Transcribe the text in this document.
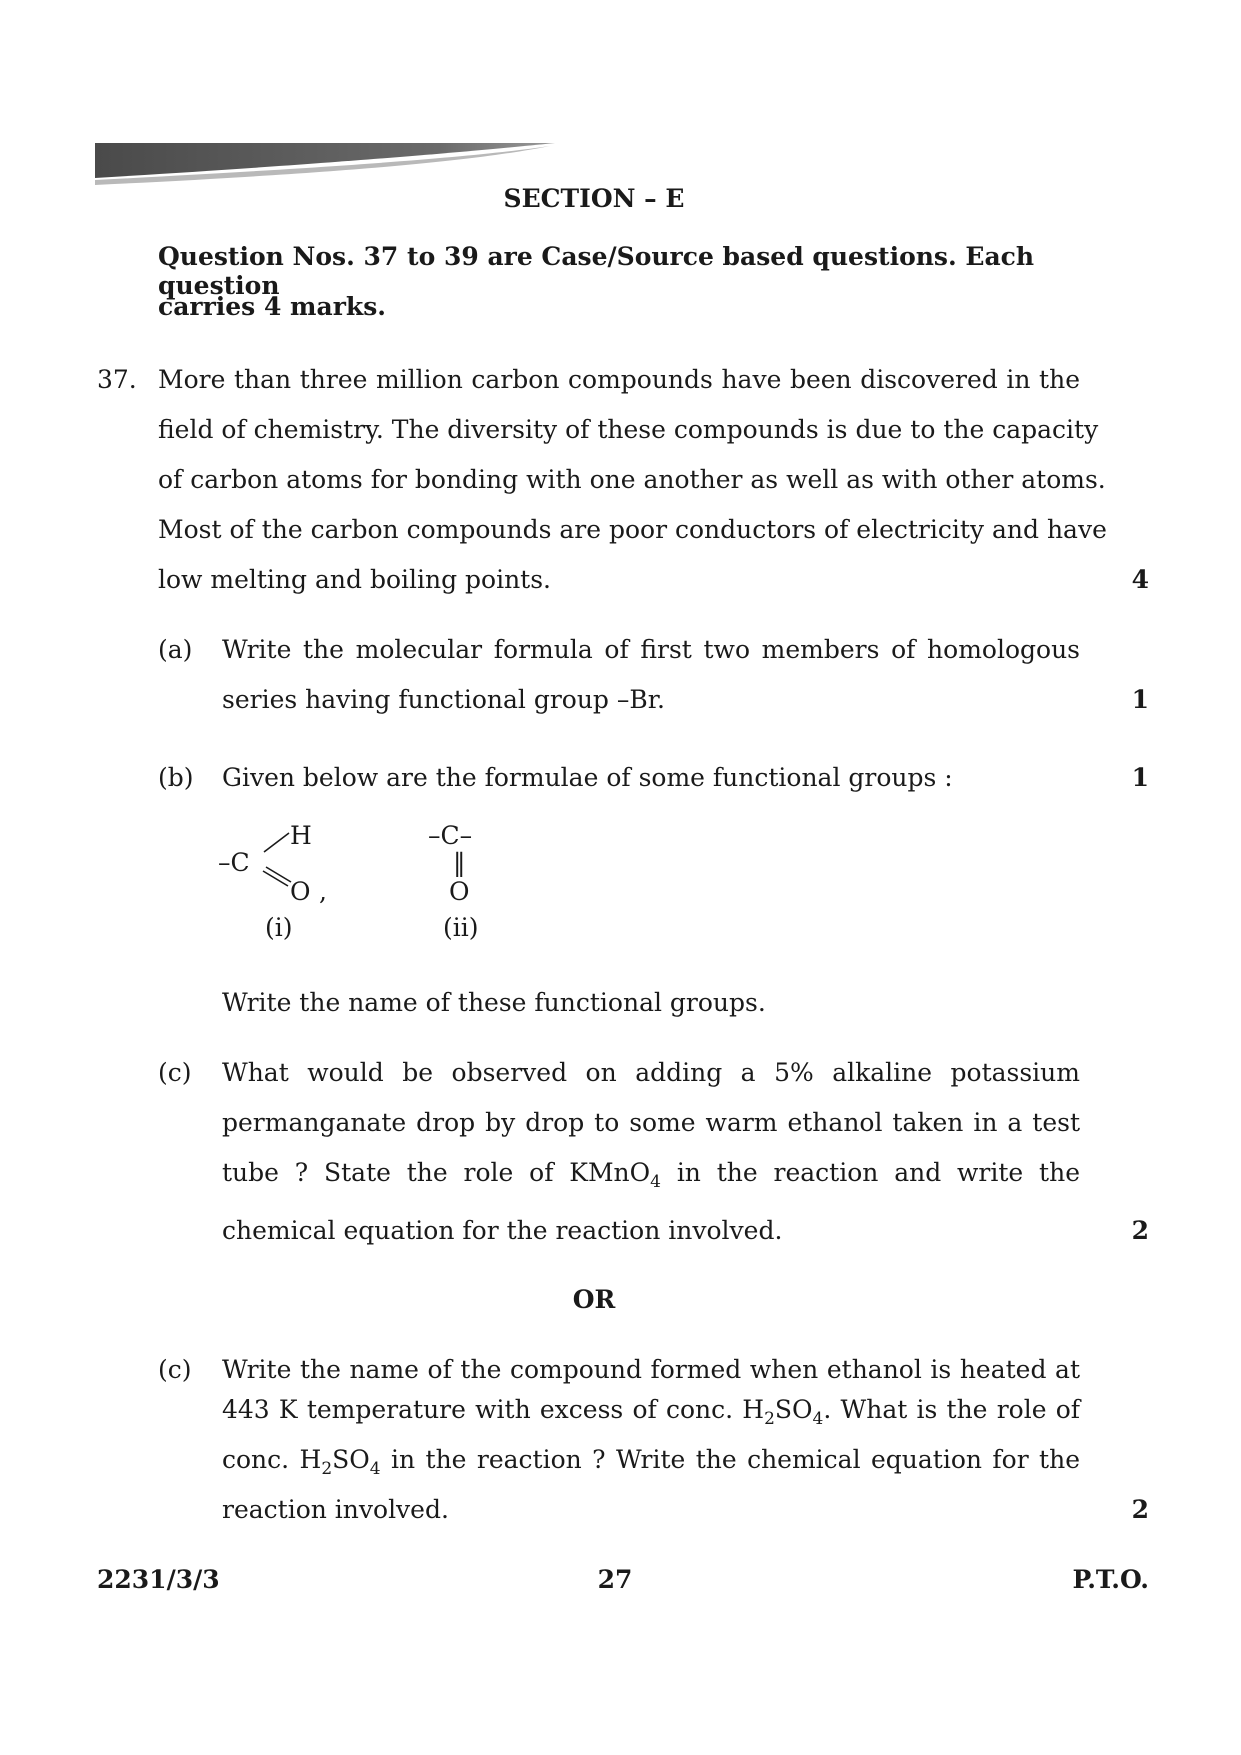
SECTION – E
Question Nos. 37 to 39 are Case/Source based questions. Each question
carries 4 marks.
37. More than three million carbon compounds have been discovered in the
field of chemistry. The diversity of these compounds is due to the capacity
of carbon atoms for bonding with one another as well as with other atoms.
Most of the carbon compounds are poor conductors of electricity and have
low melting and boiling points.	4
(a) Write the molecular formula of first two members of homologous
series having functional group –Br.	1
(b) Given below are the formulae of some functional groups :	1
–C
H
O ,
(i)
–C–
‖
O
(ii)
Write the name of these functional groups.
(c) What would be observed on adding a 5% alkaline potassium
permanganate drop by drop to some warm ethanol taken in a test
tube ? State the role of KMnO$_4$ in the reaction and write the
chemical equation for the reaction involved.	2
OR
(c) Write the name of the compound formed when ethanol is heated at
443 K temperature with excess of conc. $H_2SO_4$. What is the role of
conc. $H_2SO_4$ in the reaction ? Write the chemical equation for the
reaction involved.	2
2231/3/3	27	P.T.O.
